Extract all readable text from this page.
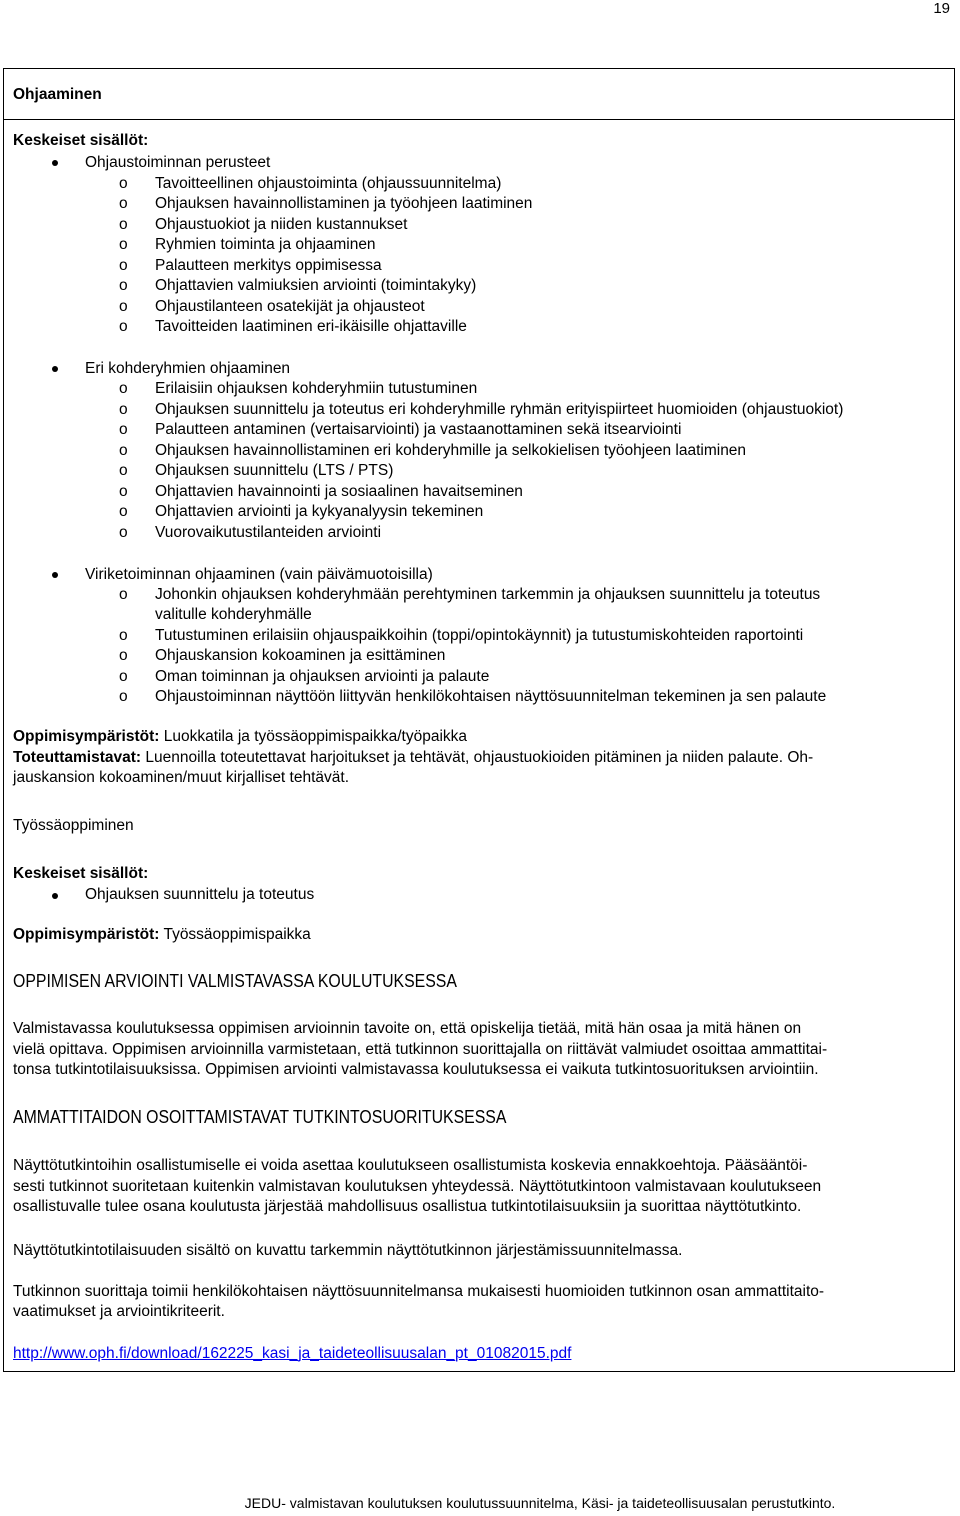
19
Ohjaaminen
Keskeiset sisällöt:
Ohjaustoiminnan perusteet
o Tavoitteellinen ohjaustoiminta (ohjaussuunnitelma)
o Ohjauksen havainnollistaminen ja työohjeen laatiminen
o Ohjaustuokiot ja niiden kustannukset
o Ryhmien toiminta ja ohjaaminen
o Palautteen merkitys oppimisessa
o Ohjattavien valmiuksien arviointi (toimintakyky)
o Ohjaustilanteen osatekijät ja ohjausteot
o Tavoitteiden laatiminen eri-ikäisille ohjattaville
Eri kohderyhmien ohjaaminen
o Erilaisiin ohjauksen kohderyhmiin tutustuminen
o Ohjauksen suunnittelu ja toteutus eri kohderyhmille ryhmän erityispiirteet huomioiden (ohjaustuokiot)
o Palautteen antaminen (vertaisarviointi) ja vastaanottaminen sekä itsearviointi
o Ohjauksen havainnollistaminen eri kohderyhmille ja selkokielisen työohjeen laatiminen
o Ohjauksen suunnittelu (LTS / PTS)
o Ohjattavien havainnointi ja sosiaalinen havaitseminen
o Ohjattavien arviointi ja kykyanalyysin tekeminen
o Vuorovaikutustilanteiden arviointi
Viriketoiminnan ohjaaminen (vain päivämuotoisilla)
o Johonkin ohjauksen kohderyhmään perehtyminen tarkemmin ja ohjauksen suunnittelu ja toteutus
valitulle kohderyhmälle
o Tutustuminen erilaisiin ohjauspaikkoihin (toppi/opintokäynnit) ja tutustumiskohteiden raportointi
o Ohjauskansion kokoaminen ja esittäminen
o Oman toiminnan ja ohjauksen arviointi ja palaute
o Ohjaustoiminnan näyttöön liittyvän henkilökohtaisen näyttösuunnitelman tekeminen ja sen palaute
Oppimisympäristöt: Luokkatila ja työssäoppimispaikka/työpaikka
Toteuttamistavat: Luennoilla toteutettavat harjoitukset ja tehtävät, ohjaustuokioiden pitäminen ja niiden palaute. Oh-
jauskansion kokoaminen/muut kirjalliset tehtävät.
Työssäoppiminen
Keskeiset sisällöt:
Ohjauksen suunnittelu ja toteutus
Oppimisympäristöt: Työssäoppimispaikka
OPPIMISEN ARVIOINTI VALMISTAVASSA KOULUTUKSESSA
Valmistavassa koulutuksessa oppimisen arvioinnin tavoite on, että opiskelija tietää, mitä hän osaa ja mitä hänen on
vielä opittava. Oppimisen arvioinnilla varmistetaan, että tutkinnon suorittajalla on riittävät valmiudet osoittaa ammattitai-
tonsa tutkintotilaisuuksissa. Oppimisen arviointi valmistavassa koulutuksessa ei vaikuta tutkintosuorituksen arviointiin.
AMMATTITAIDON OSOITTAMISTAVAT TUTKINTOSUORITUKSESSA
Näyttötutkintoihin osallistumiselle ei voida asettaa koulutukseen osallistumista koskevia ennakkoehtoja. Pääsääntöi-
sesti tutkinnot suoritetaan kuitenkin valmistavan koulutuksen yhteydessä. Näyttötutkintoon valmistavaan koulutukseen
osallistuvalle tulee osana koulutusta järjestää mahdollisuus osallistua tutkintotilaisuuksiin ja suorittaa näyttötutkinto.
Näyttötutkintotilaisuuden sisältö on kuvattu tarkemmin näyttötutkinnon järjestämissuunnitelmassa.
Tutkinnon suorittaja toimii henkilökohtaisen näyttösuunnitelmansa mukaisesti huomioiden tutkinnon osan ammattitaito-
vaatimukset ja arviointikriteerit.
http://www.oph.fi/download/162225_kasi_ja_taideteollisuusalan_pt_01082015.pdf
JEDU- valmistavan koulutuksen koulutussuunnitelma, Käsi- ja taideteollisuusalan perustutkinto.
